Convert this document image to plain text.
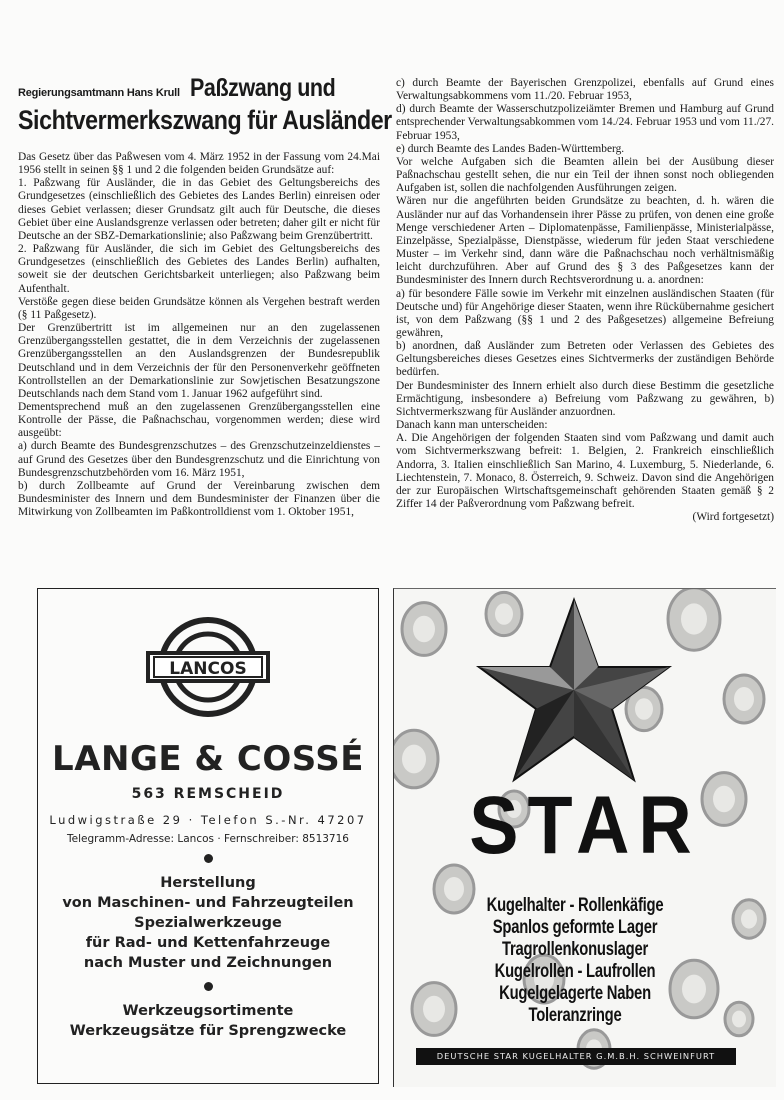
Regierungsamtmann Hans Krull Paßzwang und
Sichtvermerkszwang für Ausländer

Das Gesetz über das Paßwesen vom 4. März 1952 in der Fassung vom 24.Mai 1956 stellt in seinen §§ 1 und 2 die folgenden beiden Grundsätze auf:

1. Paßzwang für Ausländer, die in das Gebiet des Geltungsbereichs des Grundgesetzes (einschließlich des Gebietes des Landes Berlin) einreisen oder dieses Gebiet verlassen; dieser Grundsatz gilt auch für Deutsche, die dieses Gebiet über eine Auslandsgrenze verlassen oder betreten; daher gilt er nicht für Deutsche an der SBZ-Demarkationslinie; also Paßzwang beim Grenzübertritt.

2. Paßzwang für Ausländer, die sich im Gebiet des Geltungsbereichs des Grundgesetzes (einschließlich des Gebietes des Landes Berlin) aufhalten, soweit sie der deutschen Gerichtsbarkeit unterliegen; also Paßzwang beim Aufenthalt.

Verstöße gegen diese beiden Grundsätze können als Vergehen bestraft werden (§ 11 Paßgesetz).

Der Grenzübertritt ist im allgemeinen nur an den zugelassenen Grenzübergangsstellen gestattet, die in dem Verzeichnis der zugelassenen Grenzübergangsstellen an den Auslandsgrenzen der Bundesrepublik Deutschland und in dem Verzeichnis der für den Personenverkehr geöffneten Kontrollstellen an der Demarkationslinie zur Sowjetischen Besatzungszone Deutschlands nach dem Stand vom 1. Januar 1962 aufgeführt sind.

Dementsprechend muß an den zugelassenen Grenzübergangsstellen eine Kontrolle der Pässe, die Paßnachschau, vorgenommen werden; diese wird ausgeübt:

a) durch Beamte des Bundesgrenzschutzes – des Grenzschutzeinzeldienstes – auf Grund des Gesetzes über den Bundesgrenzschutz und die Einrichtung von Bundesgrenzschutzbehörden vom 16. März 1951,

b) durch Zollbeamte auf Grund der Vereinbarung zwischen dem Bundesminister des Innern und dem Bundesminister der Finanzen über die Mitwirkung von Zollbeamten im Paßkontrolldienst vom 1. Oktober 1951,

c) durch Beamte der Bayerischen Grenzpolizei, ebenfalls auf Grund eines Verwaltungsabkommens vom 11./20. Februar 1953,

d) durch Beamte der Wasserschutzpolizeiämter Bremen und Hamburg auf Grund entsprechender Verwaltungsabkommen vom 14./24. Februar 1953 und vom 11./27. Februar 1953,

e) durch Beamte des Landes Baden-Württemberg.

Vor welche Aufgaben sich die Beamten allein bei der Ausübung dieser Paßnachschau gestellt sehen, die nur ein Teil der ihnen sonst noch obliegenden Aufgaben ist, sollen die nachfolgenden Ausführungen zeigen.

Wären nur die angeführten beiden Grundsätze zu beachten, d. h. wären die Ausländer nur auf das Vorhandensein ihrer Pässe zu prüfen, von denen eine große Menge verschiedener Arten – Diplomatenpässe, Familienpässe, Ministerialpässe, Einzelpässe, Spezialpässe, Dienstpässe, wiederum für jeden Staat verschiedene Muster – im Verkehr sind, dann wäre die Paßnachschau noch verhältnismäßig leicht durchzuführen. Aber auf Grund des § 3 des Paßgesetzes kann der Bundesminister des Innern durch Rechtsverordnung u. a. anordnen:

a) für besondere Fälle sowie im Verkehr mit einzelnen ausländischen Staaten (für Deutsche und) für Angehörige dieser Staaten, wenn ihre Rückübernahme gesichert ist, von dem Paßzwang (§§ 1 und 2 des Paßgesetzes) allgemeine Befreiung gewähren,

b) anordnen, daß Ausländer zum Betreten oder Verlassen des Gebietes des Geltungsbereiches dieses Gesetzes eines Sichtvermerks der zuständigen Behörde bedürfen.

Der Bundesminister des Innern erhielt also durch diese Bestimm die gesetzliche Ermächtigung, insbesondere a) Befreiung vom Paßzwang zu gewähren, b) Sichtvermerkszwang für Ausländer anzuordnen.

Danach kann man unterscheiden:

A. Die Angehörigen der folgenden Staaten sind vom Paßzwang und damit auch vom Sichtvermerkszwang befreit: 1. Belgien, 2. Frankreich einschließlich Andorra, 3. Italien einschließlich San Marino, 4. Luxemburg, 5. Niederlande, 6. Liechtenstein, 7. Monaco, 8. Österreich, 9. Schweiz. Davon sind die Angehörigen der zur Europäischen Wirtschaftsgemeinschaft gehörenden Staaten gemäß § 2 Ziffer 14 der Paßverordnung vom Paßzwang befreit.

(Wird fortgesetzt)

LANCOS
LANGE & COSSÉ
563 REMSCHEID
Ludwigstraße 29 · Telefon S.-Nr. 47207
Telegramm-Adresse: Lancos · Fernschreiber: 8513716
Herstellung
von Maschinen- und Fahrzeugteilen
Spezialwerkzeuge
für Rad- und Kettenfahrzeuge
nach Muster und Zeichnungen
Werkzeugsortimente
Werkzeugsätze für Sprengzwecke
STAR
Kugelhalter - Rollenkäfige
Spanlos geformte Lager
Tragrollenkonuslager
Kugelrollen - Laufrollen
Kugelgelagerte Naben
Toleranzringe
DEUTSCHE STAR KUGELHALTER G.M.B.H. SCHWEINFURT
